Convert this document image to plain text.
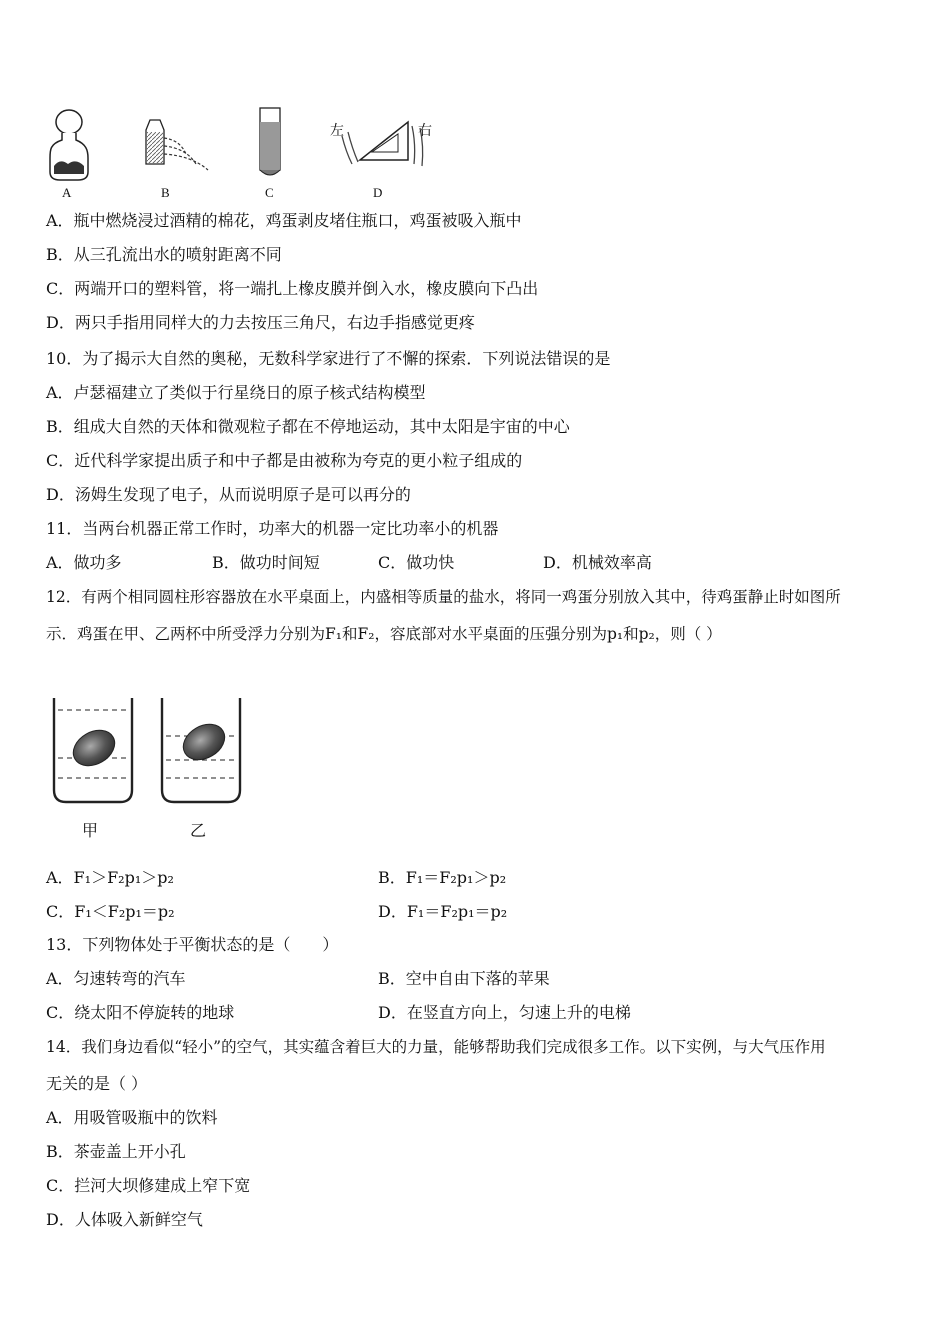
左	右
A	B	C	D
A．瓶中燃烧浸过酒精的棉花，鸡蛋剥皮堵住瓶口，鸡蛋被吸入瓶中
B．从三孔流出水的喷射距离不同
C．两端开口的塑料管，将一端扎上橡皮膜并倒入水，橡皮膜向下凸出
D．两只手指用同样大的力去按压三角尺，右边手指感觉更疼
10．为了揭示大自然的奥秘，无数科学家进行了不懈的探索．下列说法错误的是
A．卢瑟福建立了类似于行星绕日的原子核式结构模型
B．组成大自然的天体和微观粒子都在不停地运动，其中太阳是宇宙的中心
C．近代科学家提出质子和中子都是由被称为夸克的更小粒子组成的
D．汤姆生发现了电子，从而说明原子是可以再分的
11．当两台机器正常工作时，功率大的机器一定比功率小的机器
A．做功多	B．做功时间短	C．做功快	D．机械效率高
12．有两个相同圆柱形容器放在水平桌面上，内盛相等质量的盐水，将同一鸡蛋分别放入其中，待鸡蛋静止时如图所
示．鸡蛋在甲、乙两杯中所受浮力分别为F₁和F₂，容底部对水平桌面的压强分别为p₁和p₂，则（ ）
甲	乙
A．F₁＞F₂p₁＞p₂	B．F₁＝F₂p₁＞p₂
C．F₁＜F₂p₁＝p₂	D．F₁＝F₂p₁＝p₂
13．下列物体处于平衡状态的是（　　）
A．匀速转弯的汽车	B．空中自由下落的苹果
C．绕太阳不停旋转的地球	D．在竖直方向上，匀速上升的电梯
14．我们身边看似“轻小”的空气，其实蕴含着巨大的力量，能够帮助我们完成很多工作。以下实例，与大气压作用
无关的是（ ）
A．用吸管吸瓶中的饮料
B．茶壶盖上开小孔
C．拦河大坝修建成上窄下宽
D．人体吸入新鲜空气
